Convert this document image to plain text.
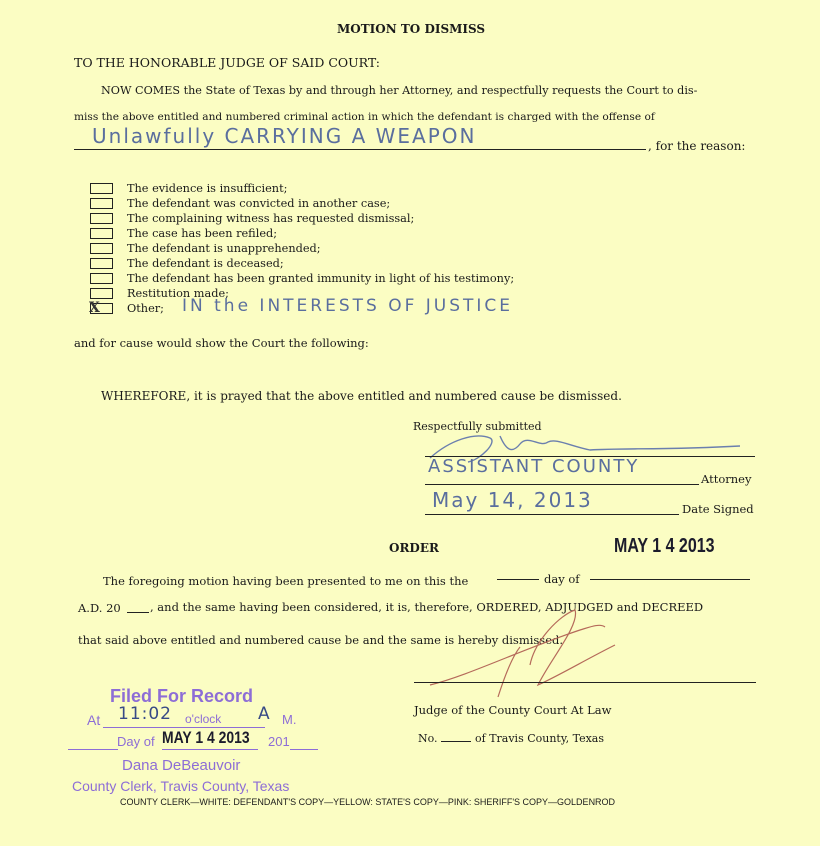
MOTION TO DISMISS
TO THE HONORABLE JUDGE OF SAID COURT:
NOW COMES the State of Texas by and through her Attorney, and respectfully requests the Court to dis-
miss the above entitled and numbered criminal action in which the defendant is charged with the offense of
Unlawfully CARRYING A WEAPON	, for the reason:
The evidence is insufficient;
The defendant was convicted in another case;
The complaining witness has requested dismissal;
The case has been refiled;
The defendant is unapprehended;
The defendant is deceased;
The defendant has been granted immunity in light of his testimony;
Restitution made;
Other;
X	IN the INTERESTS OF JUSTICE
and for cause would show the Court the following:
WHEREFORE, it is prayed that the above entitled and numbered cause be dismissed.
Respectfully submitted
ASSISTANT COUNTY
Attorney
May 14, 2013	Date Signed
ORDER	MAY 1 4 2013
The foregoing motion having been presented to me on this the	day of
A.D. 20	, and the same having been considered, it is, therefore, ORDERED, ADJUDGED and DECREED
that said above entitled and numbered cause be and the same is hereby dismissed.
Judge of the County Court At Law
No.	of Travis County, Texas
Filed For Record
At 11:02 o'clock A M.
Day of MAY 1 4 2013 201
Dana DeBeauvoir
County Clerk, Travis County, Texas
COUNTY CLERK—WHITE: DEFENDANT'S COPY—YELLOW: STATE'S COPY—PINK: SHERIFF'S COPY—GOLDENROD
